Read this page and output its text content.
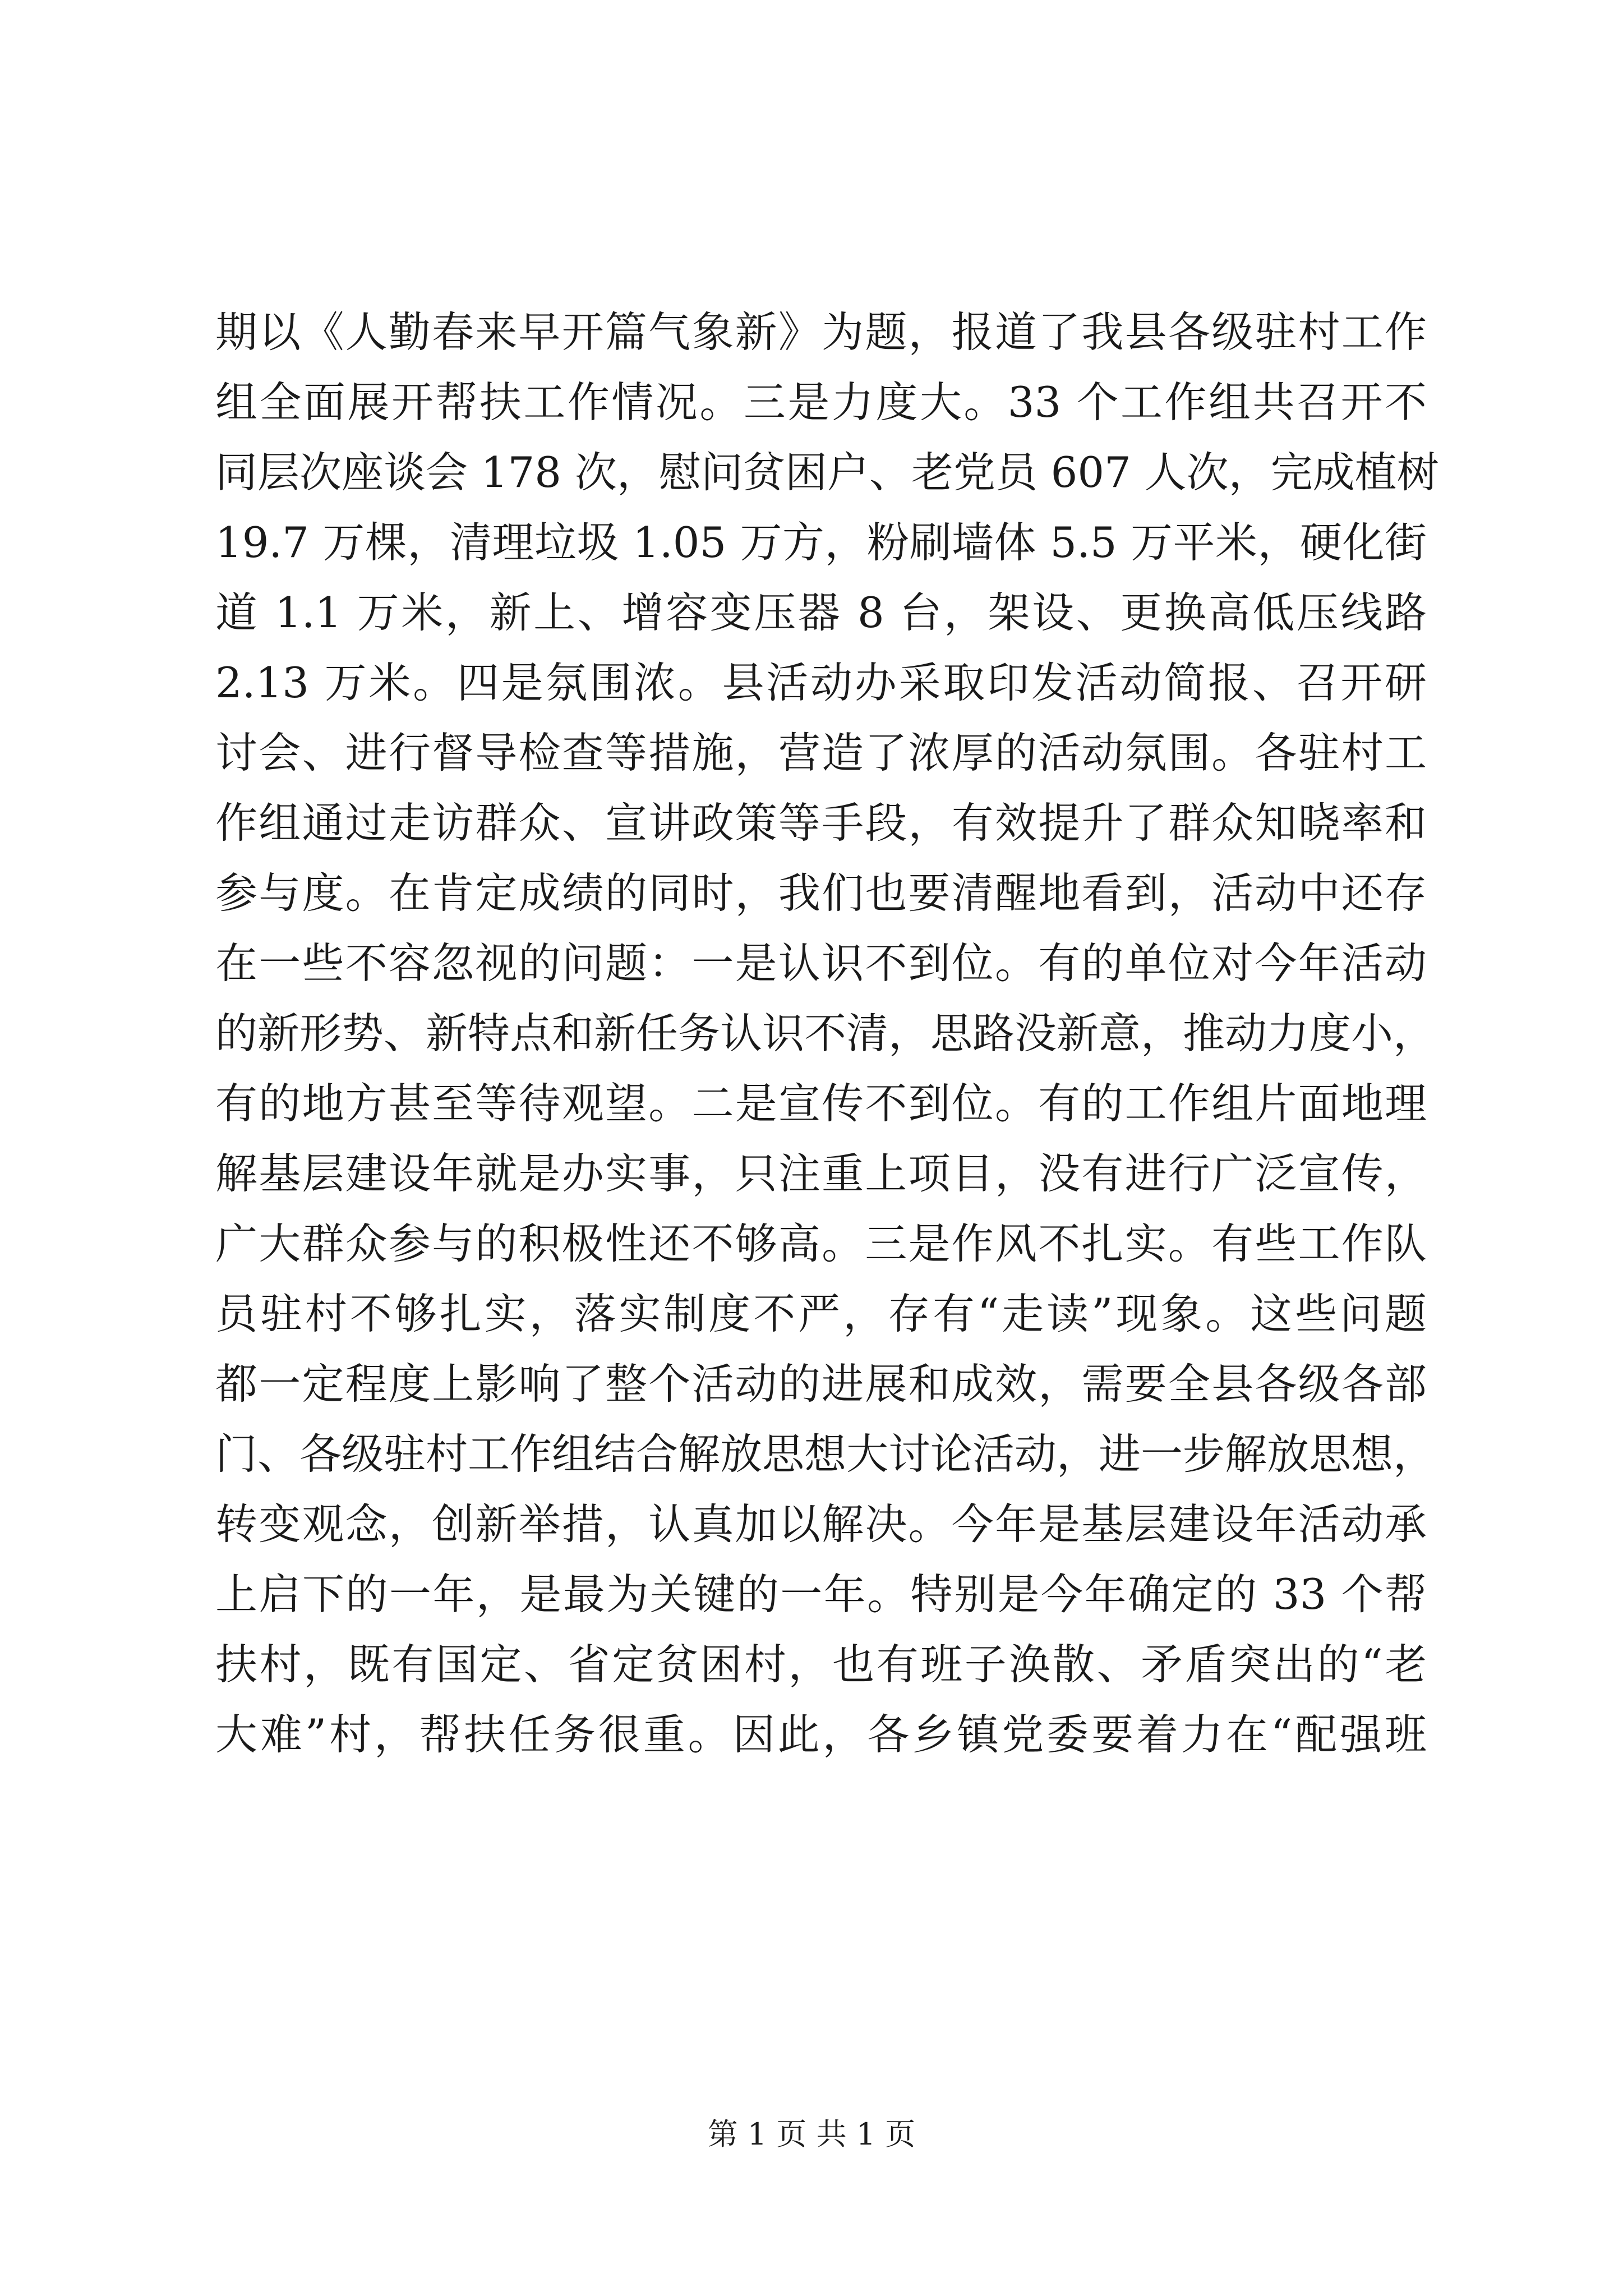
期以《人勤春来早开篇气象新》为题，报道了我县各级驻村工作
组全面展开帮扶工作情况。三是力度大。33 个工作组共召开不
同层次座谈会 178 次，慰问贫困户、老党员 607 人次，完成植树
19.7 万棵，清理垃圾 1.05 万方，粉刷墙体 5.5 万平米，硬化街
道 1.1 万米，新上、增容变压器 8 台，架设、更换高低压线路
2.13 万米。四是氛围浓。县活动办采取印发活动简报、召开研
讨会、进行督导检查等措施，营造了浓厚的活动氛围。各驻村工
作组通过走访群众、宣讲政策等手段，有效提升了群众知晓率和
参与度。在肯定成绩的同时，我们也要清醒地看到，活动中还存
在一些不容忽视的问题：一是认识不到位。有的单位对今年活动
的新形势、新特点和新任务认识不清，思路没新意，推动力度小，
有的地方甚至等待观望。二是宣传不到位。有的工作组片面地理
解基层建设年就是办实事，只注重上项目，没有进行广泛宣传，
广大群众参与的积极性还不够高。三是作风不扎实。有些工作队
员驻村不够扎实，落实制度不严，存有“走读”现象。这些问题
都一定程度上影响了整个活动的进展和成效，需要全县各级各部
门、各级驻村工作组结合解放思想大讨论活动，进一步解放思想，
转变观念，创新举措，认真加以解决。今年是基层建设年活动承
上启下的一年，是最为关键的一年。特别是今年确定的 33 个帮
扶村，既有国定、省定贫困村，也有班子涣散、矛盾突出的“老
大难”村，帮扶任务很重。因此，各乡镇党委要着力在“配强班
第 1 页 共 1 页
